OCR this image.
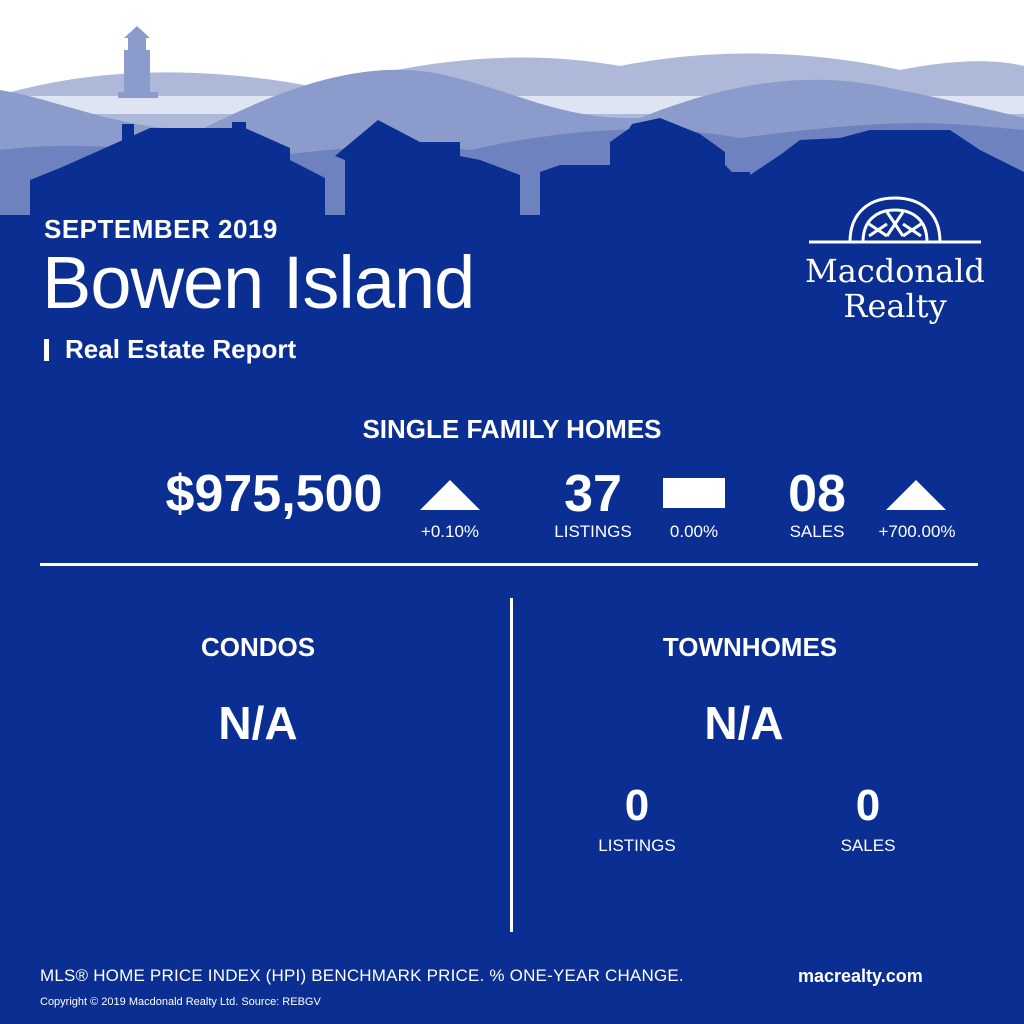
SEPTEMBER 2019
Bowen Island
Real Estate Report
Macdonald
Realty
SINGLE FAMILY HOMES
$975,500
+0.10%
37
LISTINGS	0.00%
08
SALES	+700.00%
CONDOS
N/A
TOWNHOMES
N/A
0
LISTINGS
0
SALES
MLS® HOME PRICE INDEX (HPI) BENCHMARK PRICE. % ONE-YEAR CHANGE.	macrealty.com
Copyright © 2019 Macdonald Realty Ltd. Source: REBGV
